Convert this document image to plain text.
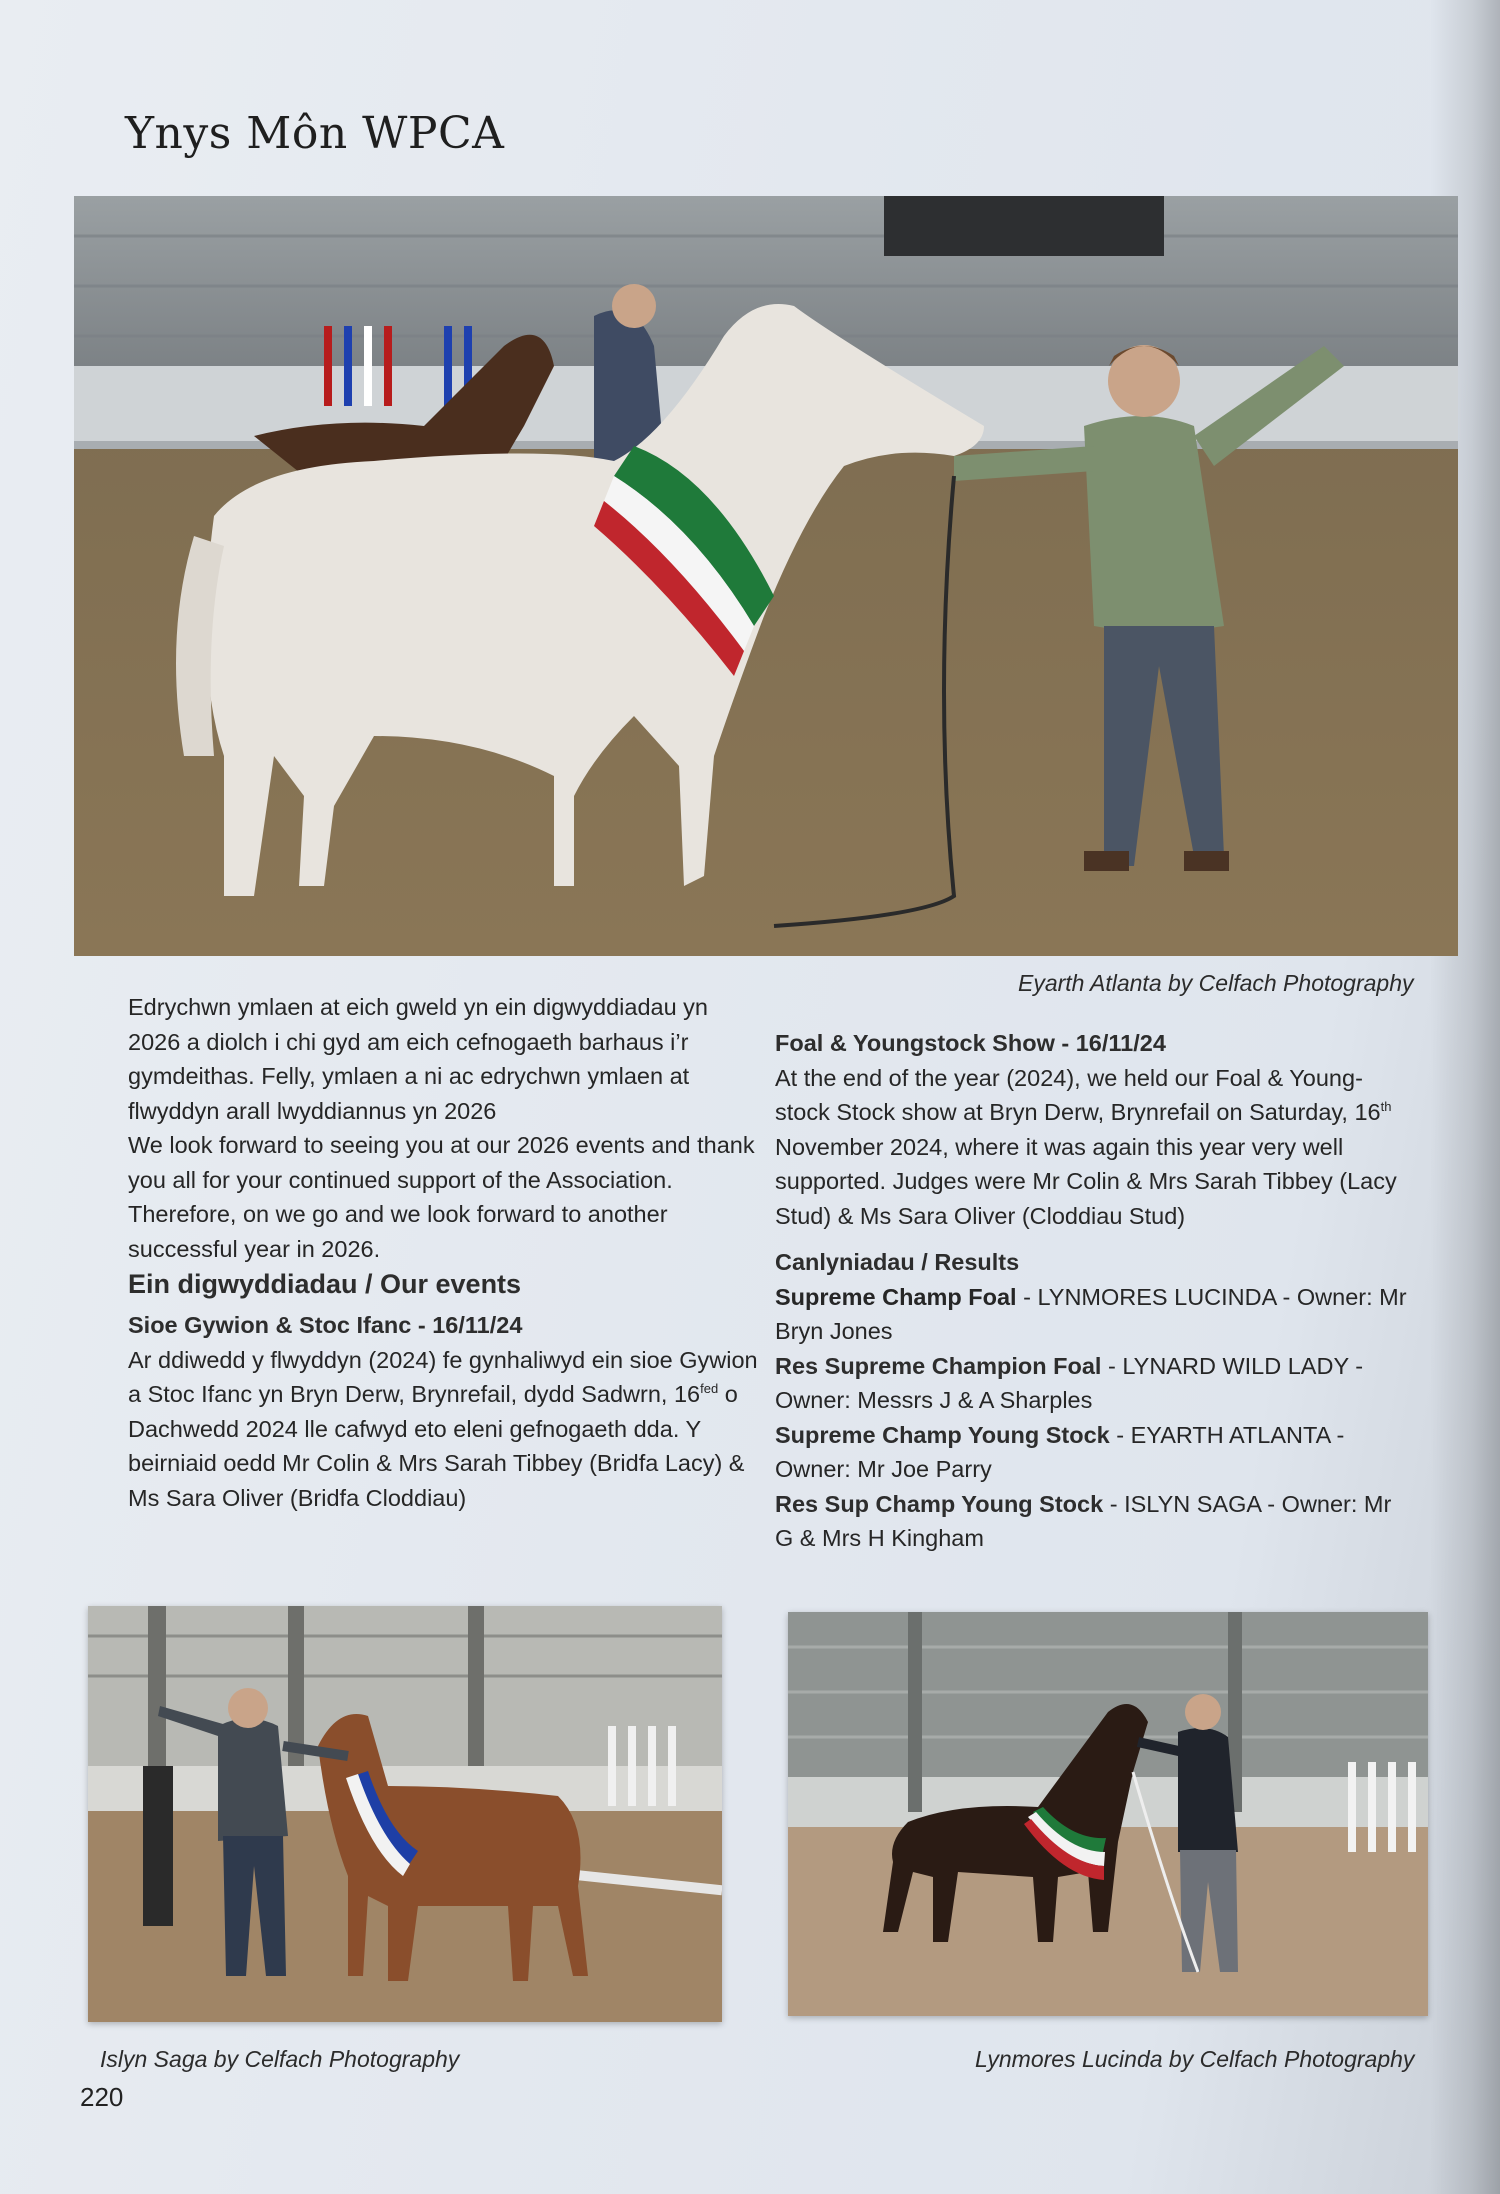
Ynys Môn WPCA
Eyarth Atlanta by Celfach Photography

Edrychwn ymlaen at eich gweld yn ein digwyddiadau yn 2026 a diolch i chi gyd am eich cefnogaeth barhaus i’r gymdeithas. Felly, ymlaen a ni ac edrychwn ymlaen at flwyddyn arall lwyddiannus yn 2026

We look forward to seeing you at our 2026 events and thank you all for your continued support of the Association. Therefore, on we go and we look forward to another successful year in 2026.

Ein digwyddiadau / Our events

Sioe Gywion & Stoc Ifanc - 16/11/24

Ar ddiwedd y flwyddyn (2024) fe gynhaliwyd ein sioe Gywion a Stoc Ifanc yn Bryn Derw, Brynrefail, dydd Sadwrn, $16^{fed}$ o Dachwedd 2024 lle cafwyd eto eleni gefnogaeth dda. Y beirniaid oedd Mr Colin & Mrs Sarah Tibbey (Bridfa Lacy) & Ms Sara Oliver (Bridfa Cloddiau)

Foal & Youngstock Show - 16/11/24

At the end of the year (2024), we held our Foal & Young-stock Stock show at Bryn Derw, Brynrefail on Saturday, 16th November 2024, where it was again this year very well supported. Judges were Mr Colin & Mrs Sarah Tibbey (Lacy Stud) & Ms Sara Oliver (Cloddiau Stud)

Canlyniadau / Results

Supreme Champ Foal - LYNMORES LUCINDA - Owner: Mr Bryn Jones

Res Supreme Champion Foal - LYNARD WILD LADY - Owner: Messrs J & A Sharples

Supreme Champ Young Stock - EYARTH ATLANTA - Owner: Mr Joe Parry

Res Sup Champ Young Stock - ISLYN SAGA - Owner: Mr G & Mrs H Kingham

Islyn Saga by Celfach Photography	Lynmores Lucinda by Celfach Photography
220
